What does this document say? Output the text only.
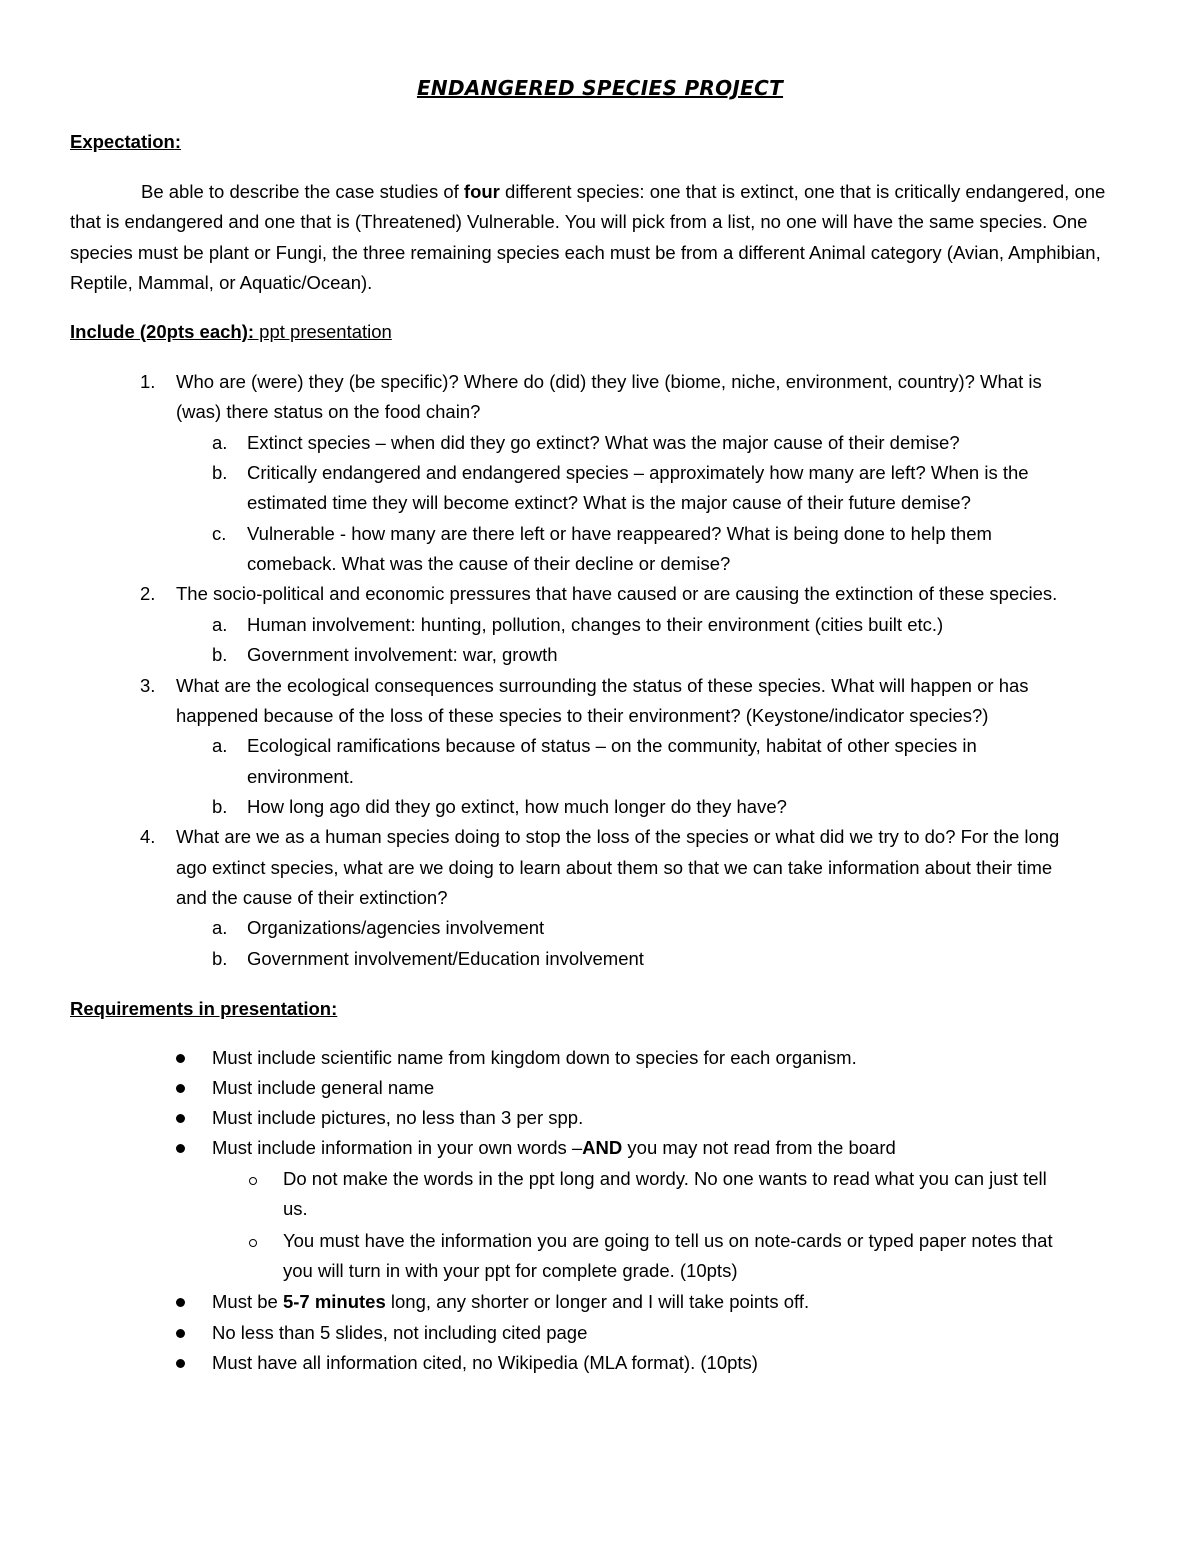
ENDANGERED SPECIES PROJECT
Expectation:
Be able to describe the case studies of four different species: one that is extinct, one that is critically endangered, one that is endangered and one that is (Threatened) Vulnerable. You will pick from a list, no one will have the same species. One species must be plant or Fungi, the three remaining species each must be from a different Animal category (Avian, Amphibian, Reptile, Mammal, or Aquatic/Ocean).
Include (20pts each): ppt presentation
1.	Who are (were) they (be specific)? Where do (did) they live (biome, niche, environment, country)? What is
(was) there status on the food chain?
a.	Extinct species – when did they go extinct? What was the major cause of their demise?
b.	Critically endangered and endangered species – approximately how many are left? When is the
estimated time they will become extinct? What is the major cause of their future demise?
c.	Vulnerable - how many are there left or have reappeared? What is being done to help them
comeback. What was the cause of their decline or demise?
2.	The socio-political and economic pressures that have caused or are causing the extinction of these species.
a.	Human involvement: hunting, pollution, changes to their environment (cities built etc.)
b.	Government involvement: war, growth
3.	What are the ecological consequences surrounding the status of these species. What will happen or has
happened because of the loss of these species to their environment? (Keystone/indicator species?)
a.	Ecological ramifications because of status – on the community, habitat of other species in
environment.
b.	How long ago did they go extinct, how much longer do they have?
4.	What are we as a human species doing to stop the loss of the species or what did we try to do? For the long
ago extinct species, what are we doing to learn about them so that we can take information about their time
and the cause of their extinction?
a.	Organizations/agencies involvement
b.	Government involvement/Education involvement
Requirements in presentation:
Must include scientific name from kingdom down to species for each organism.
Must include general name
Must include pictures, no less than 3 per spp.
Must include information in your own words –AND you may not read from the board
Do not make the words in the ppt long and wordy. No one wants to read what you can just tell
us.
You must have the information you are going to tell us on note-cards or typed paper notes that
you will turn in with your ppt for complete grade. (10pts)
Must be 5-7 minutes long, any shorter or longer and I will take points off.
No less than 5 slides, not including cited page
Must have all information cited, no Wikipedia (MLA format). (10pts)
